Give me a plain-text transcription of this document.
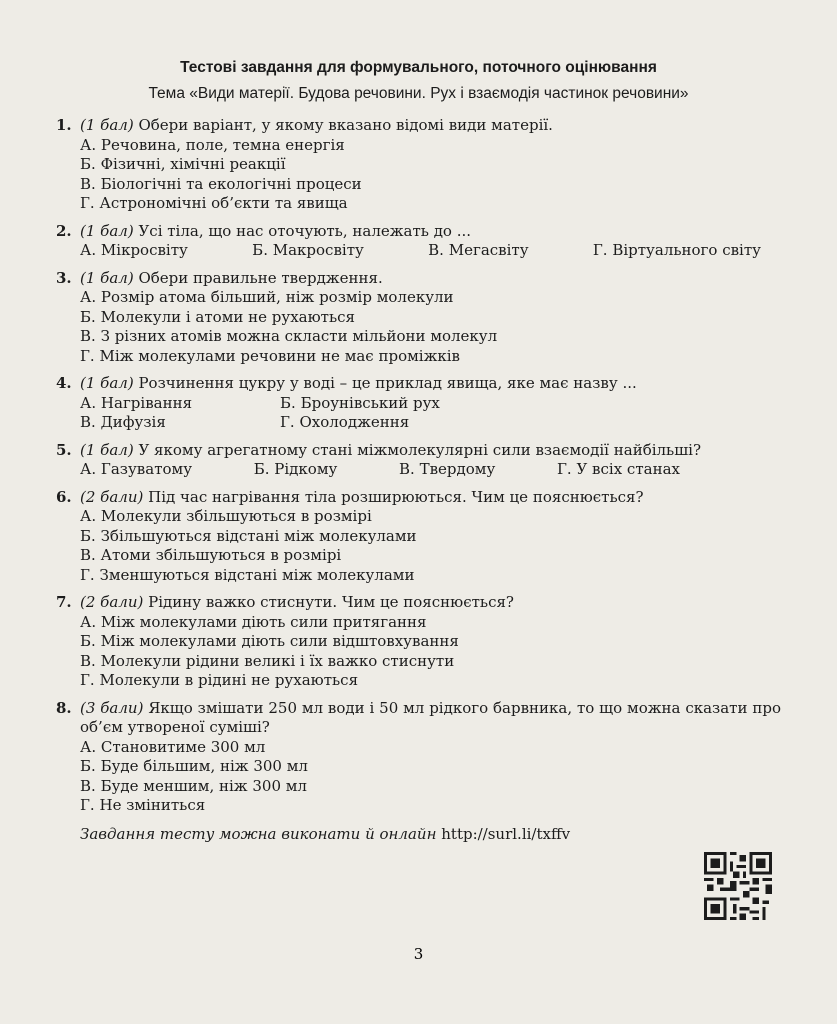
Тестові завдання для формувального, поточного оцінювання
Тема «Види матерії. Будова речовини. Рух і взаємодія частинок речовини»
1. (1 бал) Обери варіант, у якому вказано відомі види матерії.
А. Речовина, поле, темна енергія
Б. Фізичні, хімічні реакції
В. Біологічні та екологічні процеси
Г. Астрономічні об’єкти та явища
2. (1 бал) Усі тіла, що нас оточують, належать до ...
А. Мікросвіту	Б. Макросвіту	В. Мегасвіту	Г. Віртуального світу
3. (1 бал) Обери правильне твердження.
А. Розмір атома більший, ніж розмір молекули
Б. Молекули і атоми не рухаються
В. З різних атомів можна скласти мільйони молекул
Г. Між молекулами речовини не має проміжків
4. (1 бал) Розчинення цукру у воді – це приклад явища, яке має назву ...
А. Нагрівання	Б. Броунівський рух
В. Дифузія	Г. Охолодження
5. (1 бал) У якому агрегатному стані міжмолекулярні сили взаємодії найбільші?
А. Газуватому	Б. Рідкому	В. Твердому	Г. У всіх станах
6. (2 бали) Під час нагрівання тіла розширюються. Чим це пояснюється?
А. Молекули збільшуються в розмірі
Б. Збільшуються відстані між молекулами
В. Атоми збільшуються в розмірі
Г. Зменшуються відстані між молекулами
7. (2 бали) Рідину важко стиснути. Чим це пояснюється?
А. Між молекулами діють сили притягання
Б. Між молекулами діють сили відштовхування
В. Молекули рідини великі і їх важко стиснути
Г. Молекули в рідині не рухаються
8. (3 бали) Якщо змішати 250 мл води і 50 мл рідкого барвника, то що можна сказати про об’єм утвореної суміші?
А. Становитиме 300 мл
Б. Буде більшим, ніж 300 мл
В. Буде меншим, ніж 300 мл
Г. Не зміниться
Завдання тесту можна виконати й онлайн http://surl.li/txffv
3
